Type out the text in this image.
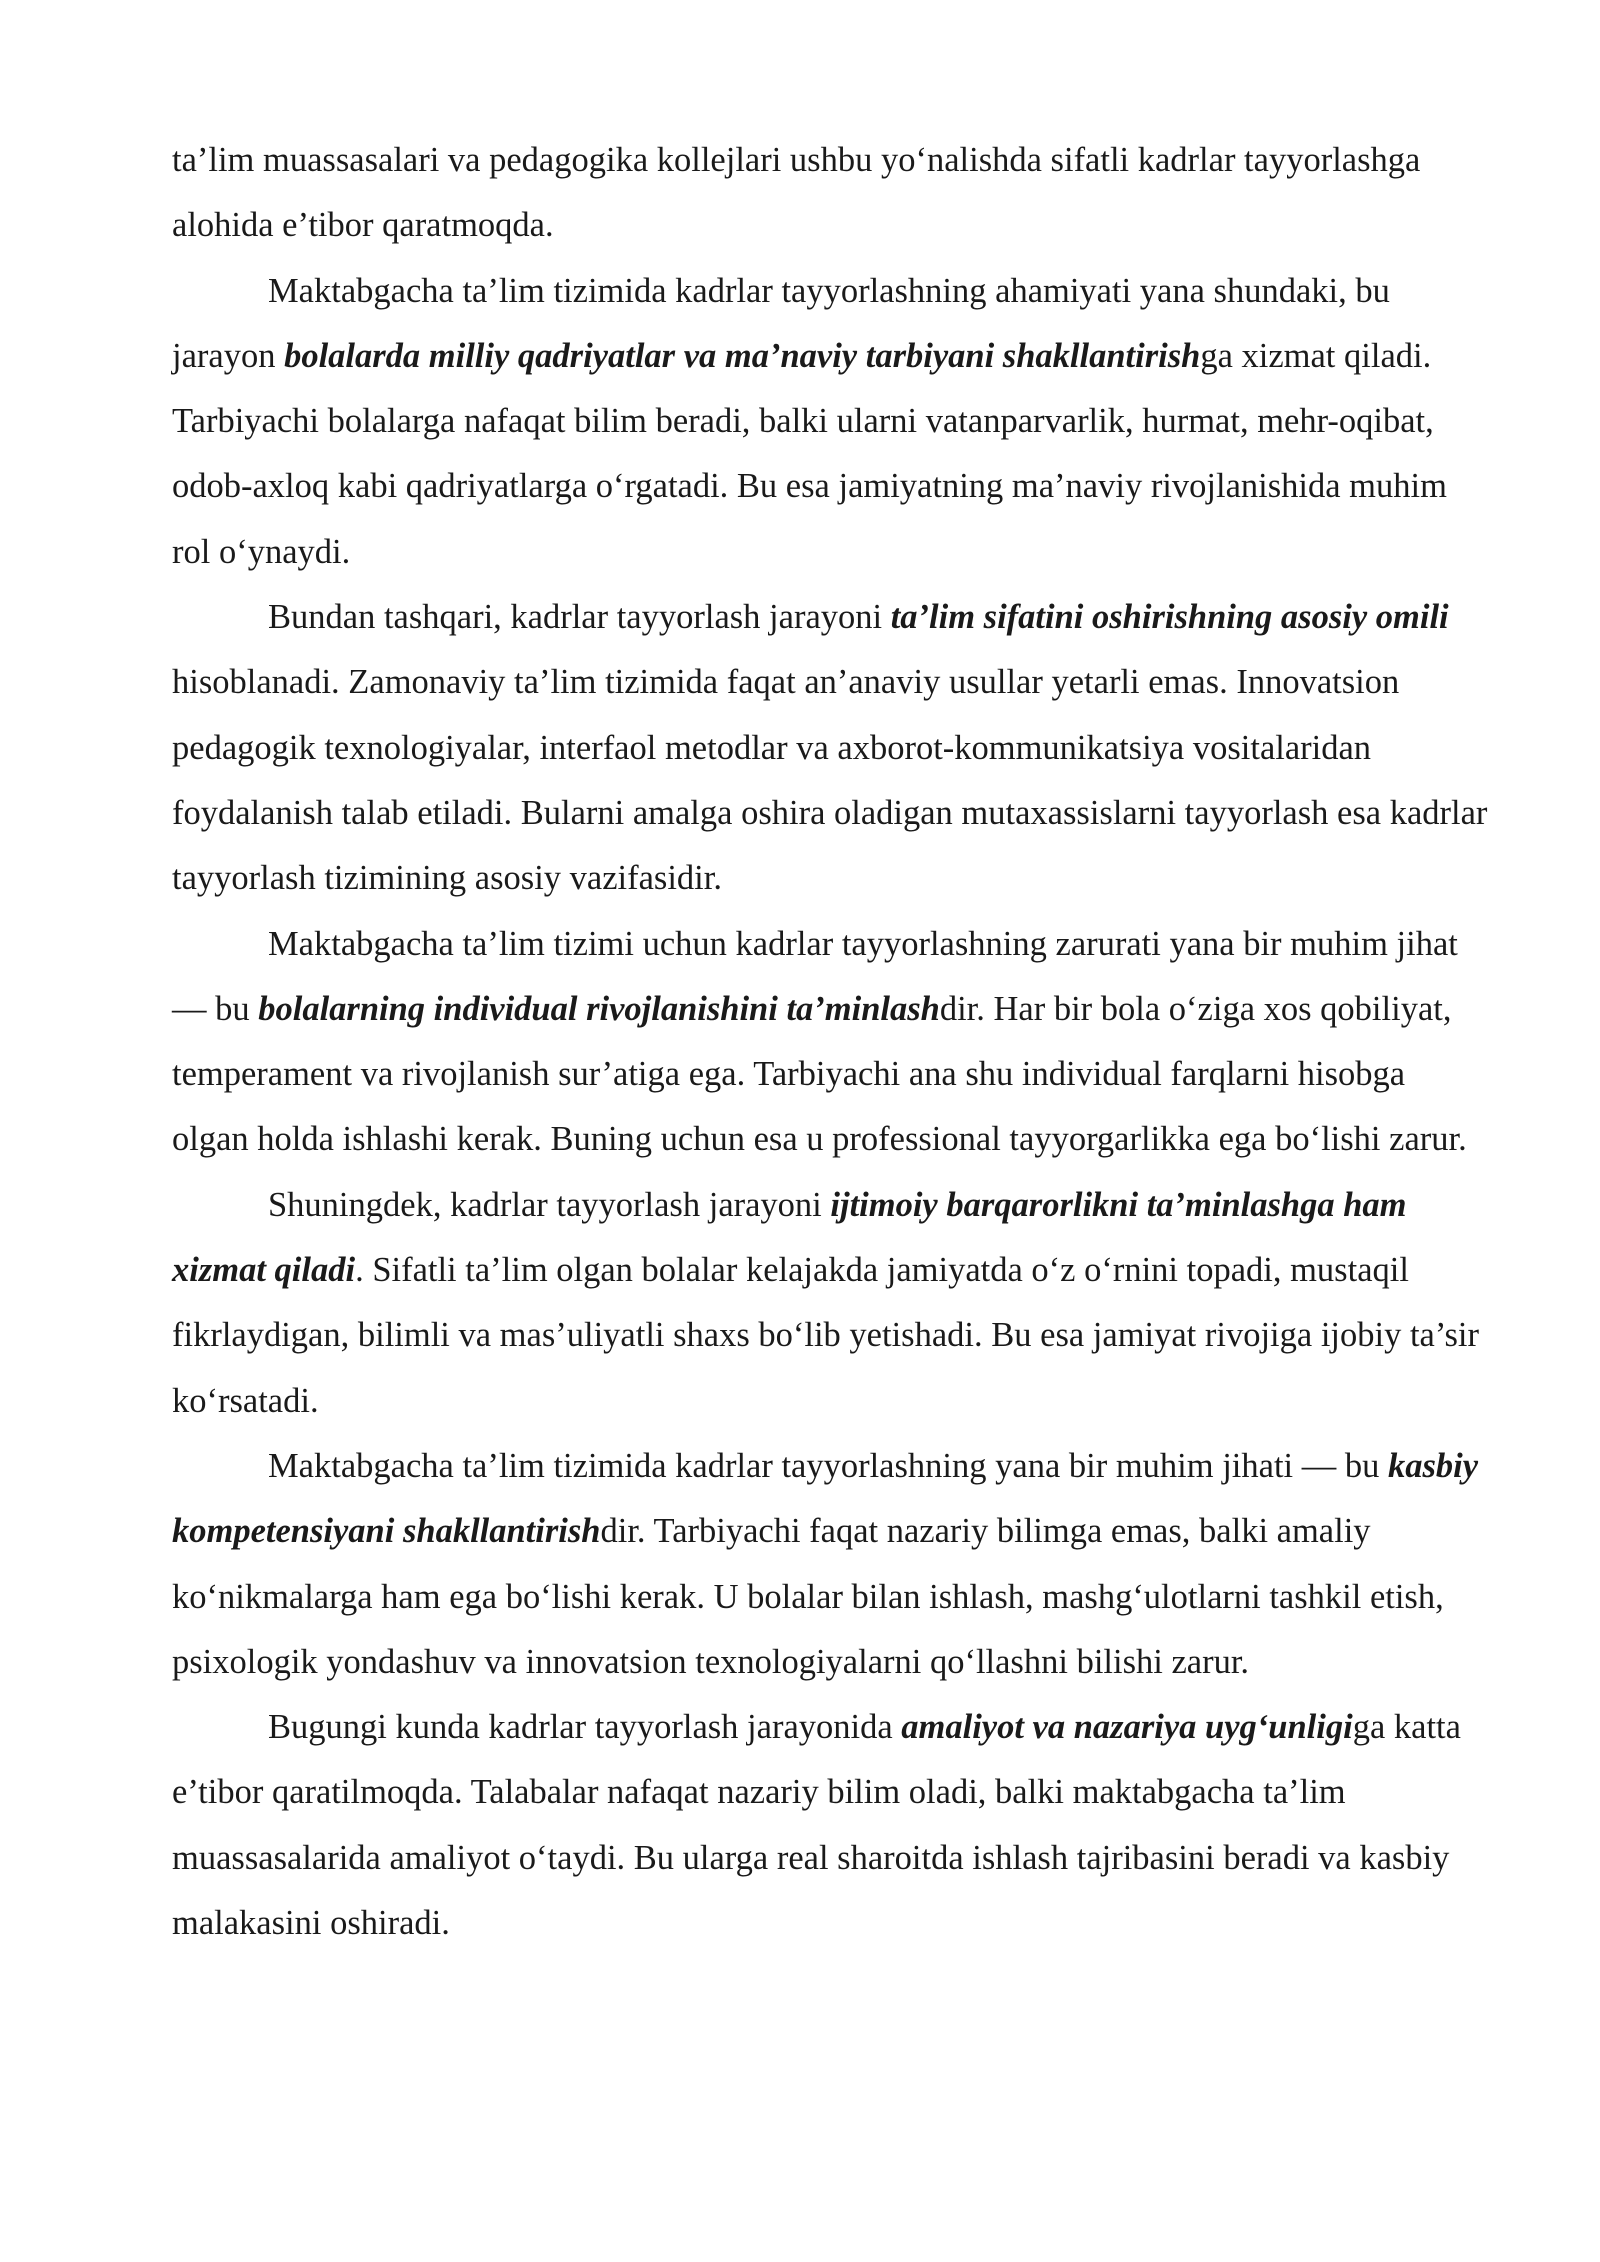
ta’lim muassasalari va pedagogika kollejlari ushbu yo‘nalishda sifatli kadrlar tayyorlashga alohida e’tibor qaratmoqda.

Maktabgacha ta’lim tizimida kadrlar tayyorlashning ahamiyati yana shundaki, bu jarayon bolalarda milliy qadriyatlar va ma’naviy tarbiyani shakllantirishga xizmat qiladi. Tarbiyachi bolalarga nafaqat bilim beradi, balki ularni vatanparvarlik, hurmat, mehr-oqibat, odob-axloq kabi qadriyatlarga o‘rgatadi. Bu esa jamiyatning ma’naviy rivojlanishida muhim rol o‘ynaydi.

Bundan tashqari, kadrlar tayyorlash jarayoni ta’lim sifatini oshirishning asosiy omili hisoblanadi. Zamonaviy ta’lim tizimida faqat an’anaviy usullar yetarli emas. Innovatsion pedagogik texnologiyalar, interfaol metodlar va axborot-kommunikatsiya vositalaridan foydalanish talab etiladi. Bularni amalga oshira oladigan mutaxassislarni tayyorlash esa kadrlar tayyorlash tizimining asosiy vazifasidir.

Maktabgacha ta’lim tizimi uchun kadrlar tayyorlashning zarurati yana bir muhim jihat — bu bolalarning individual rivojlanishini ta’minlashdir. Har bir bola o‘ziga xos qobiliyat, temperament va rivojlanish sur’atiga ega. Tarbiyachi ana shu individual farqlarni hisobga olgan holda ishlashi kerak. Buning uchun esa u professional tayyorgarlikka ega bo‘lishi zarur.

Shuningdek, kadrlar tayyorlash jarayoni ijtimoiy barqarorlikni ta’minlashga ham xizmat qiladi. Sifatli ta’lim olgan bolalar kelajakda jamiyatda o‘z o‘rnini topadi, mustaqil fikrlaydigan, bilimli va mas’uliyatli shaxs bo‘lib yetishadi. Bu esa jamiyat rivojiga ijobiy ta’sir ko‘rsatadi.

Maktabgacha ta’lim tizimida kadrlar tayyorlashning yana bir muhim jihati — bu kasbiy kompetensiyani shakllantirishdir. Tarbiyachi faqat nazariy bilimga emas, balki amaliy ko‘nikmalarga ham ega bo‘lishi kerak. U bolalar bilan ishlash, mashg‘ulotlarni tashkil etish, psixologik yondashuv va innovatsion texnologiyalarni qo‘llashni bilishi zarur.

Bugungi kunda kadrlar tayyorlash jarayonida amaliyot va nazariya uyg‘unligiga katta e’tibor qaratilmoqda. Talabalar nafaqat nazariy bilim oladi, balki maktabgacha ta’lim muassasalarida amaliyot o‘taydi. Bu ularga real sharoitda ishlash tajribasini beradi va kasbiy malakasini oshiradi.
